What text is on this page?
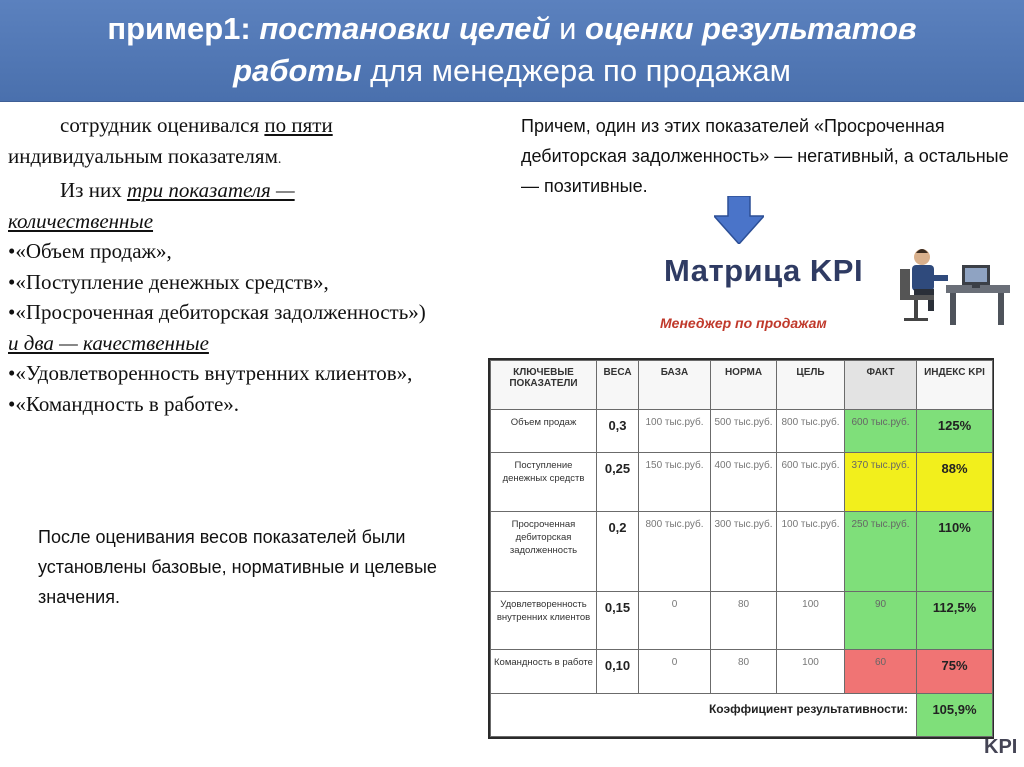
пример1: постановки целей и оценки результатов
работы для менеджера по продажам
сотрудник оценивался по пяти
индивидуальным показателям.
Из них три показателя —
количественные
•«Объем продаж»,
•«Поступление денежных средств»,
•«Просроченная дебиторская задолженность»)
и два — качественные
•«Удовлетворенность внутренних клиентов»,
•«Командность в работе».
Причем, один из этих показателей «Просроченная дебиторская задолженность» — негативный, а остальные — позитивные.
Матрица KPI
Менеджер по продажам
КЛЮЧЕВЫЕ ПОКАЗАТЕЛИ	ВЕСА	БАЗА	НОРМА	ЦЕЛЬ	ФАКТ	ИНДЕКС KPI
Объем продаж	0,3	100 тыс.руб.	500 тыс.руб.	800 тыс.руб.	600 тыс.руб.	125%
Поступление денежных средств	0,25	150 тыс.руб.	400 тыс.руб.	600 тыс.руб.	370 тыс.руб.	88%
Просроченная дебиторская задолженность	0,2	800 тыс.руб.	300 тыс.руб.	100 тыс.руб.	250 тыс.руб.	110%
Удовлетворенность внутренних клиентов	0,15	0	80	100	90	112,5%
Командность в работе	0,10	0	80	100	60	75%
Коэффициент результативности:						105,9%
KPI
После оценивания весов показателей были установлены базовые, нормативные и целевые значения.
